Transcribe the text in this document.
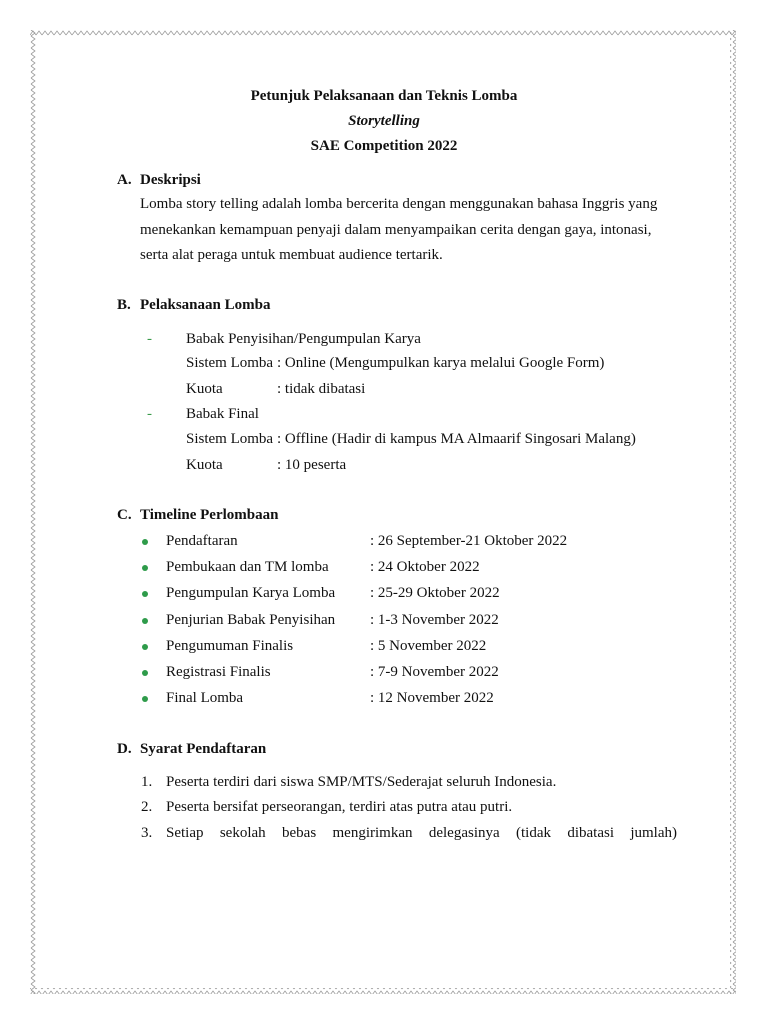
Petunjuk Pelaksanaan dan Teknis Lomba
Storytelling
SAE Competition 2022
A. Deskripsi
Lomba story telling adalah lomba bercerita dengan menggunakan bahasa Inggris yang
menekankan kemampuan penyaji dalam menyampaikan cerita dengan gaya, intonasi,
serta alat peraga untuk membuat audience tertarik.
B. Pelaksanaan Lomba
- Babak Penyisihan/Pengumpulan Karya
Sistem Lomba : Online (Mengumpulkan karya melalui Google Form)
Kuota	: tidak dibatasi
- Babak Final
Sistem Lomba : Offline (Hadir di kampus MA Almaarif Singosari Malang)
Kuota	: 10 peserta
C. Timeline Perlombaan
Pendaftaran	: 26 September-21 Oktober 2022
Pembukaan dan TM lomba	: 24 Oktober 2022
Pengumpulan Karya Lomba : 25-29 Oktober 2022
Penjurian Babak Penyisihan : 1-3 November 2022
Pengumuman Finalis	: 5 November 2022
Registrasi Finalis	: 7-9 November 2022
Final Lomba	: 12 November 2022
D. Syarat Pendaftaran
1. Peserta terdiri dari siswa SMP/MTS/Sederajat seluruh Indonesia.
2. Peserta bersifat perseorangan, terdiri atas putra atau putri.
3. Setiap sekolah bebas mengirimkan delegasinya (tidak dibatasi jumlah)
